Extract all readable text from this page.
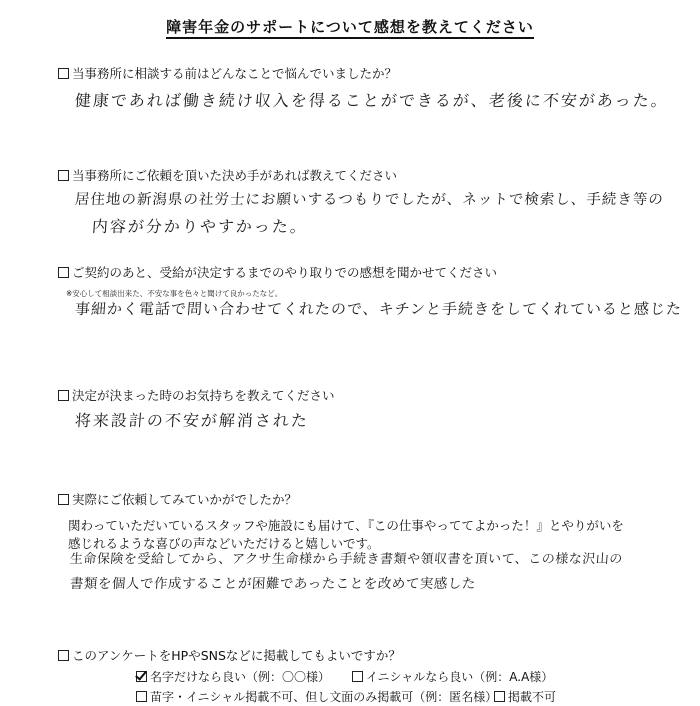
障害年金のサポートについて感想を教えてください
当事務所に相談する前はどんなことで悩んでいましたか？
健康であれば働き続け収入を得ることができるが、老後に不安があった。
当事務所にご依頼を頂いた決め手があれば教えてください
居住地の新潟県の社労士にお願いするつもりでしたが、ネットで検索し、手続き等の
内容が分かりやすかった。
ご契約のあと、受給が決定するまでのやり取りでの感想を聞かせてください
※安心して相談出来た、不安な事を色々と聞けて良かったなど。
事細かく電話で問い合わせてくれたので、キチンと手続きをしてくれていると感じた
決定が決まった時のお気持ちを教えてください
将来設計の不安が解消された
実際にご依頼してみていかがでしたか？
関わっていただいているスタッフや施設にも届けて、『この仕事やっててよかった！』とやりがいを
感じれるような喜びの声などいただけると嬉しいです。
生命保険を受給してから、アクサ生命様から手続き書類や領収書を頂いて、この様な沢山の
書類を個人で作成することが困難であったことを改めて実感した
このアンケートをHPやSNSなどに掲載してもよいですか？
名字だけなら良い（例：〇〇様）	イニシャルなら良い（例：A.A様）
苗字・イニシャル掲載不可、但し文面のみ掲載可（例：匿名様） 掲載不可
